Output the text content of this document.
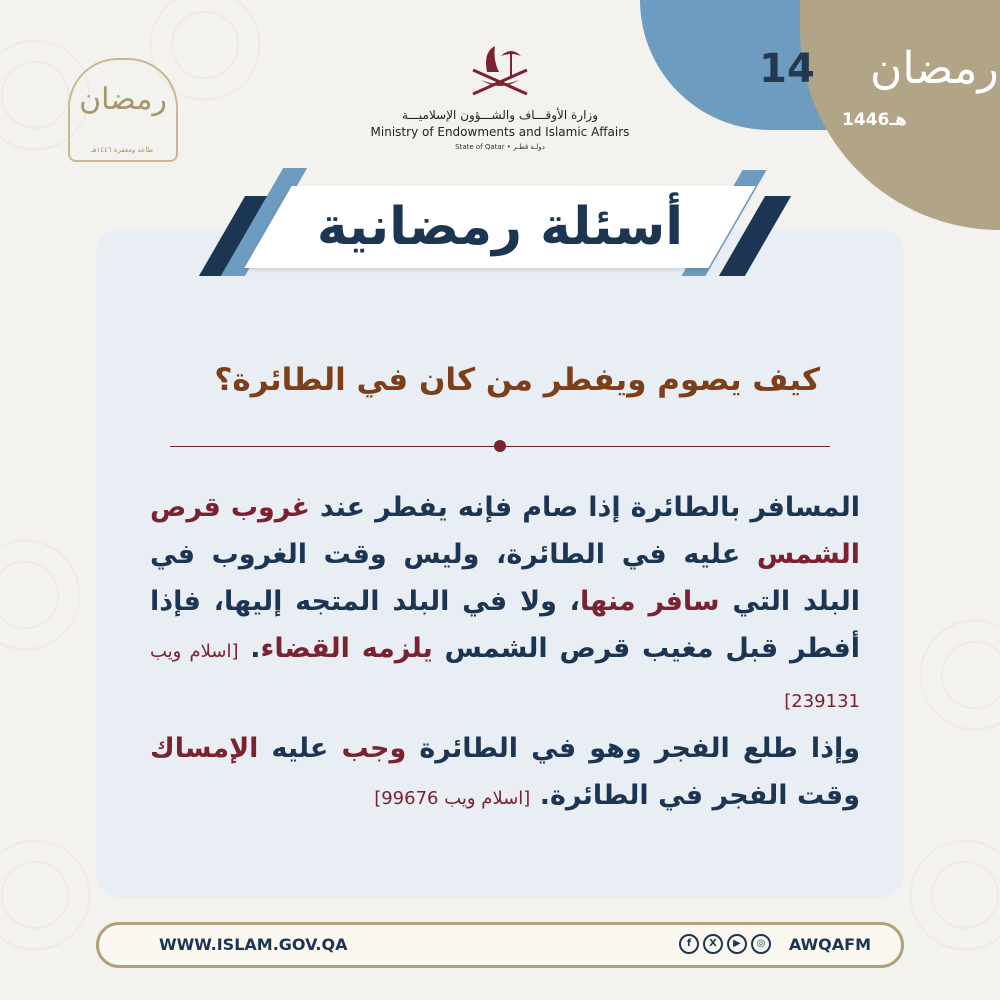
14 رمضان
1446هـ
رمضان
طاعة ومغفرة ١٤٤٦هـ
وزارة الأوقـــاف والشـــؤون الإسلاميـــة
Ministry of Endowments and Islamic Affairs
State of Qatar • دولـة قطـر
أسئلة رمضانية
كيف يصوم ويفطر من كان في الطائرة؟

المسافر بالطائرة إذا صام فإنه يفطر عند غروب قرص الشمس عليه في الطائرة، وليس وقت الغروب في البلد التي سافر منها، ولا في البلد المتجه إليها، فإذا أفطر قبل مغيب قرص الشمس يلزمه القضاء. [اسلام ويب 239131]
وإذا طلع الفجر وهو في الطائرة وجب عليه الإمساك وقت الفجر في الطائرة. [اسلام ويب 99676]

WWW.ISLAM.GOV.QA	f	X	▶	◎	AWQAFM
